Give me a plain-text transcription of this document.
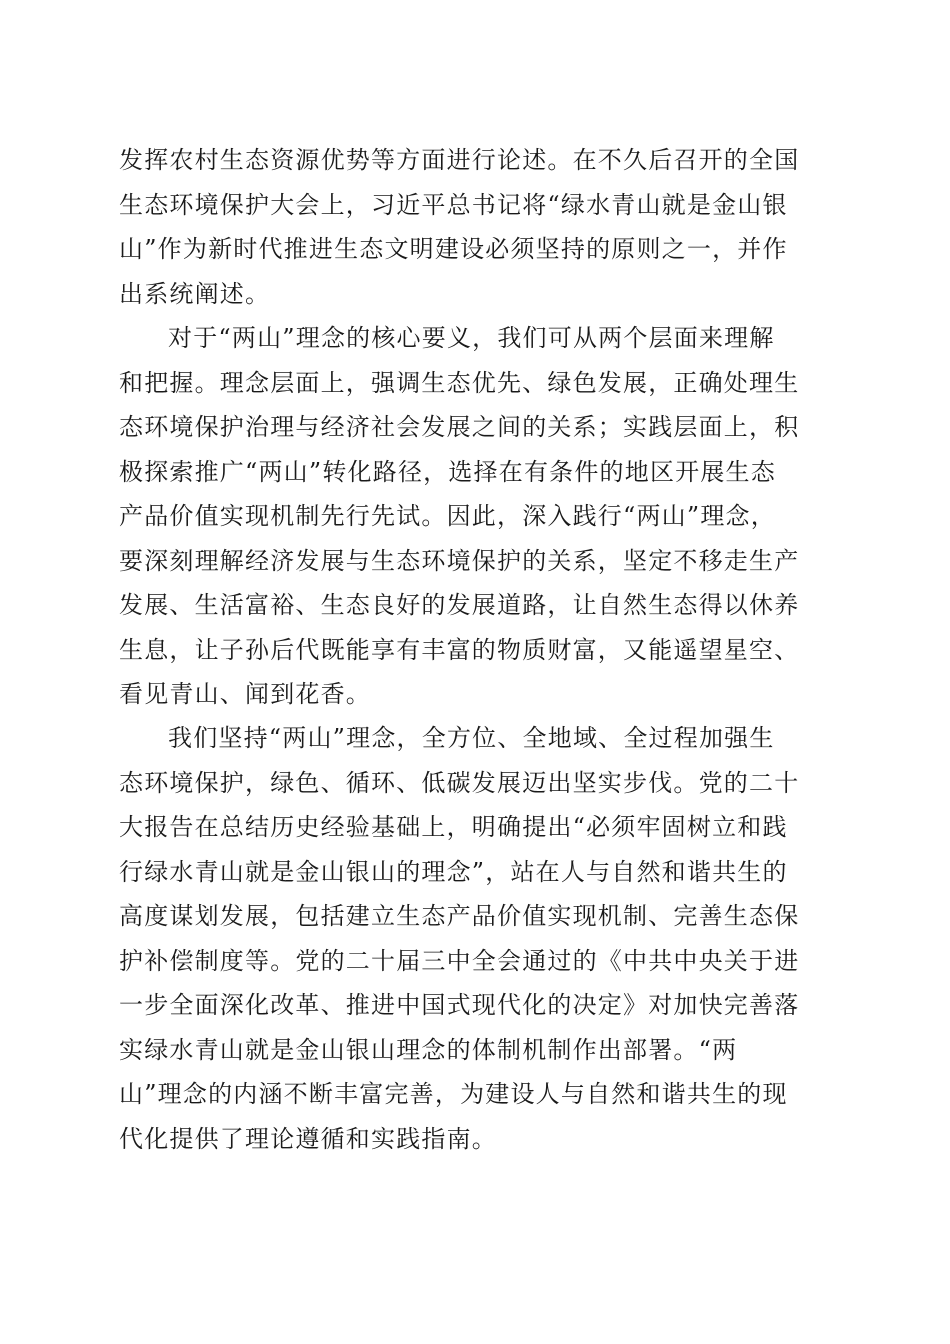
发挥农村生态资源优势等方面进行论述。在不久后召开的全国
生态环境保护大会上，习近平总书记将“绿水青山就是金山银
山”作为新时代推进生态文明建设必须坚持的原则之一，并作
出系统阐述。
对于“两山”理念的核心要义，我们可从两个层面来理解
和把握。理念层面上，强调生态优先、绿色发展，正确处理生
态环境保护治理与经济社会发展之间的关系；实践层面上，积
极探索推广“两山”转化路径，选择在有条件的地区开展生态
产品价值实现机制先行先试。因此，深入践行“两山”理念，
要深刻理解经济发展与生态环境保护的关系，坚定不移走生产
发展、生活富裕、生态良好的发展道路，让自然生态得以休养
生息，让子孙后代既能享有丰富的物质财富，又能遥望星空、
看见青山、闻到花香。
我们坚持“两山”理念，全方位、全地域、全过程加强生
态环境保护，绿色、循环、低碳发展迈出坚实步伐。党的二十
大报告在总结历史经验基础上，明确提出“必须牢固树立和践
行绿水青山就是金山银山的理念”，站在人与自然和谐共生的
高度谋划发展，包括建立生态产品价值实现机制、完善生态保
护补偿制度等。党的二十届三中全会通过的《中共中央关于进
一步全面深化改革、推进中国式现代化的决定》对加快完善落
实绿水青山就是金山银山理念的体制机制作出部署。“两
山”理念的内涵不断丰富完善，为建设人与自然和谐共生的现
代化提供了理论遵循和实践指南。
